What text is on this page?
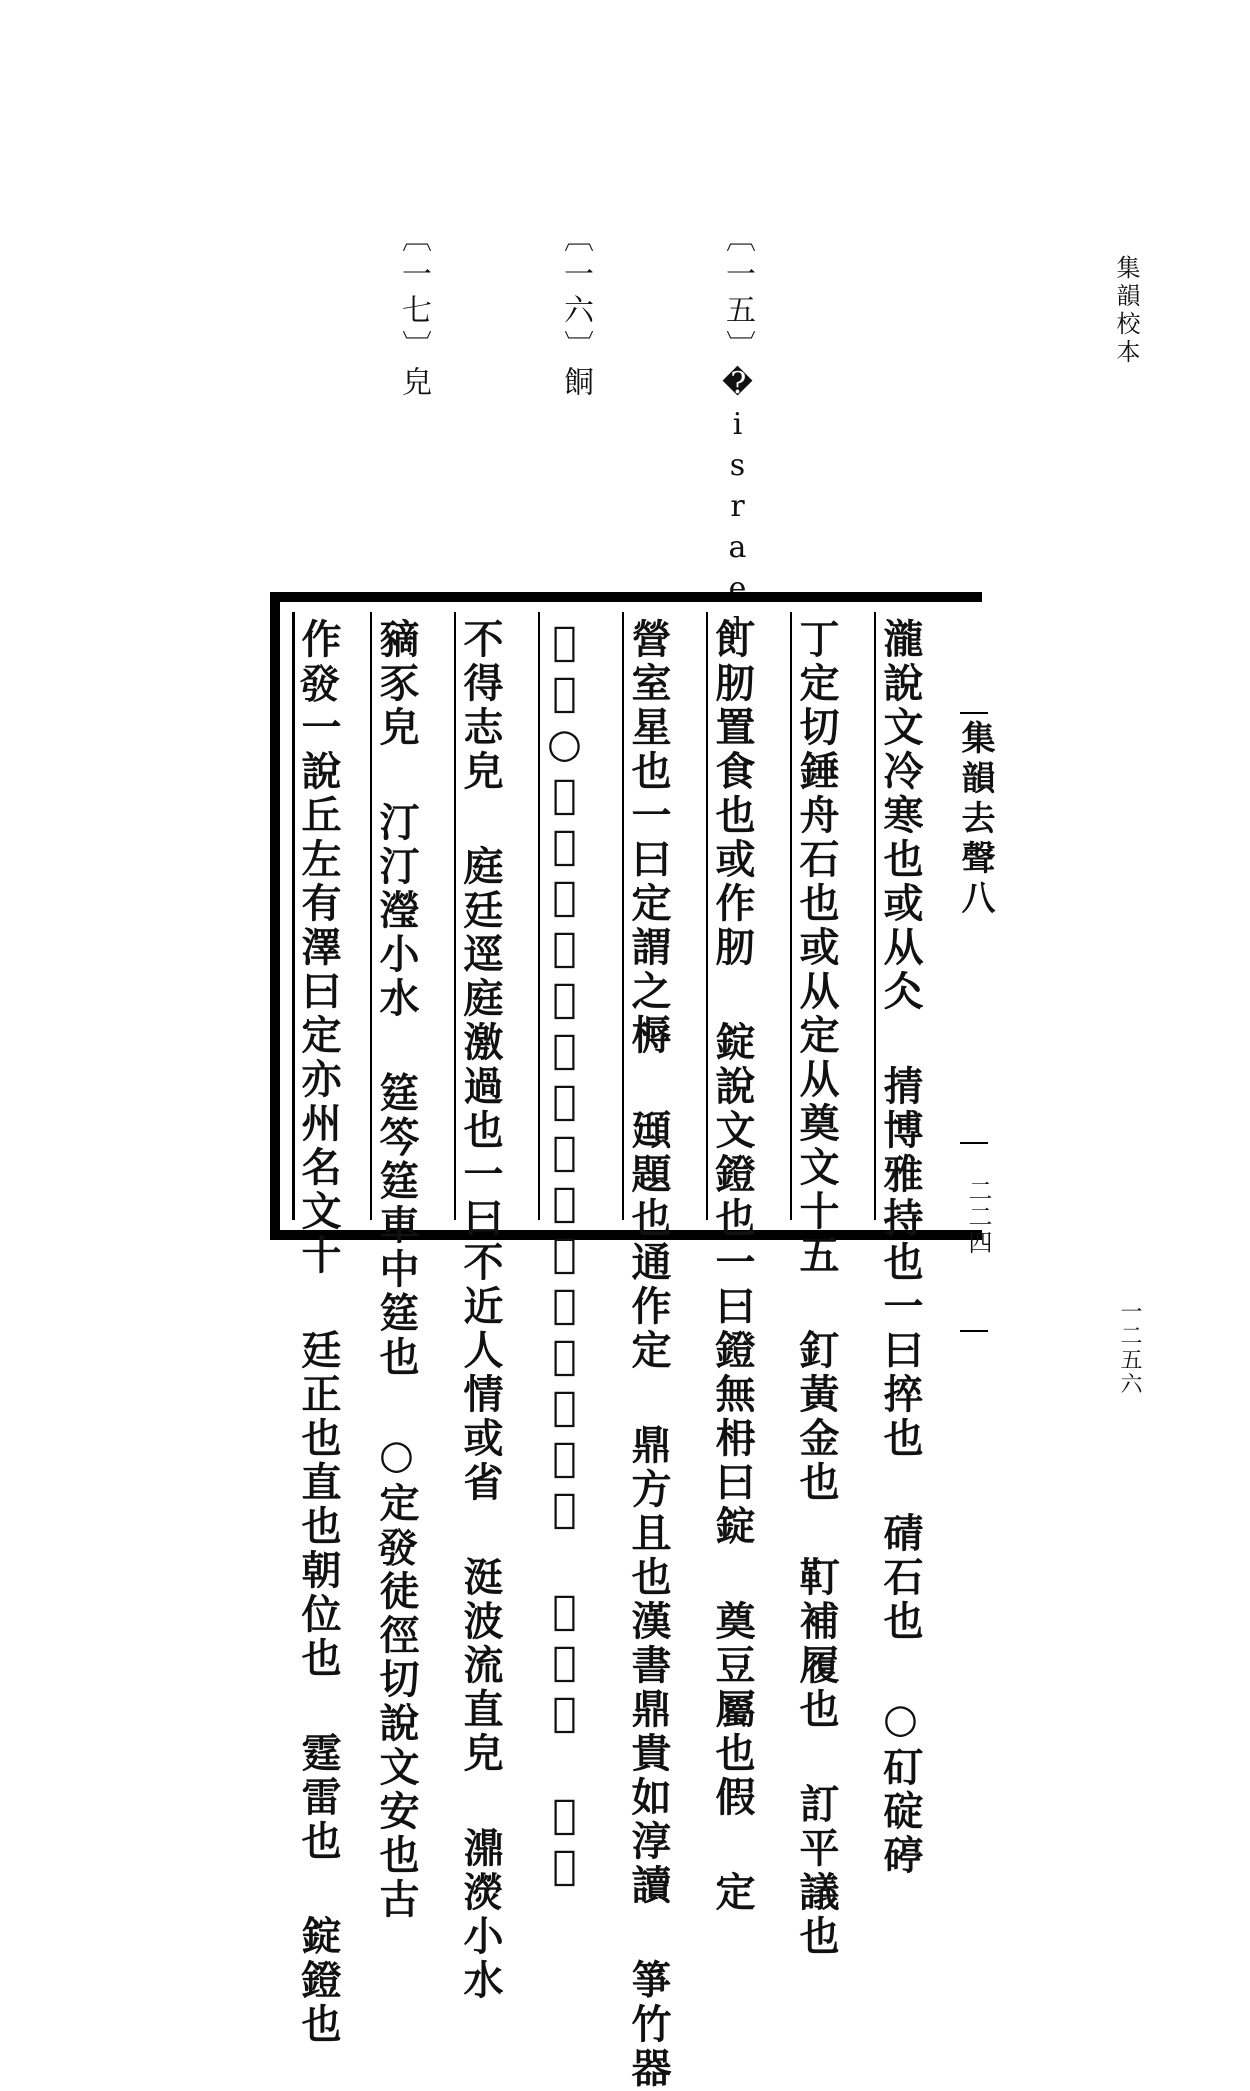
集韻校本
一二五六
〔一五〕�israel
〔一六〕餇
〔一七〕皃
集韻去聲八
二二四
瀧說文冷寒也或从仌 掅博雅持也一曰捽也 碃石也 ○矴碇碠
丁定切錘舟石也或从定从奠文十五 釘黃金也 靪補履也 訂平議也
飣肕置食也或作肕 錠說文鐙也一曰鐙無枏曰錠 奠豆屬也假 定
營室星也一曰定謂之槈 頲題也通作定 鼎方且也漢書鼎貴如淳讀 箏竹器
𣗊餇○聽脡他定切說文聆也古作脡文十一 侹直也 忊懜
不得志皃 庭廷逕庭激過也一曰不近人情或省 涏波流直皃 濎濙小水
豴豕皃 汀汀瀅小水 筳笒筳車中筳也 ○定𤼲徒徑切說文安也古
作𤼲一說丘左有澤曰定亦州名文十 廷正也直也朝位也 霆雷也 錠鐙也
